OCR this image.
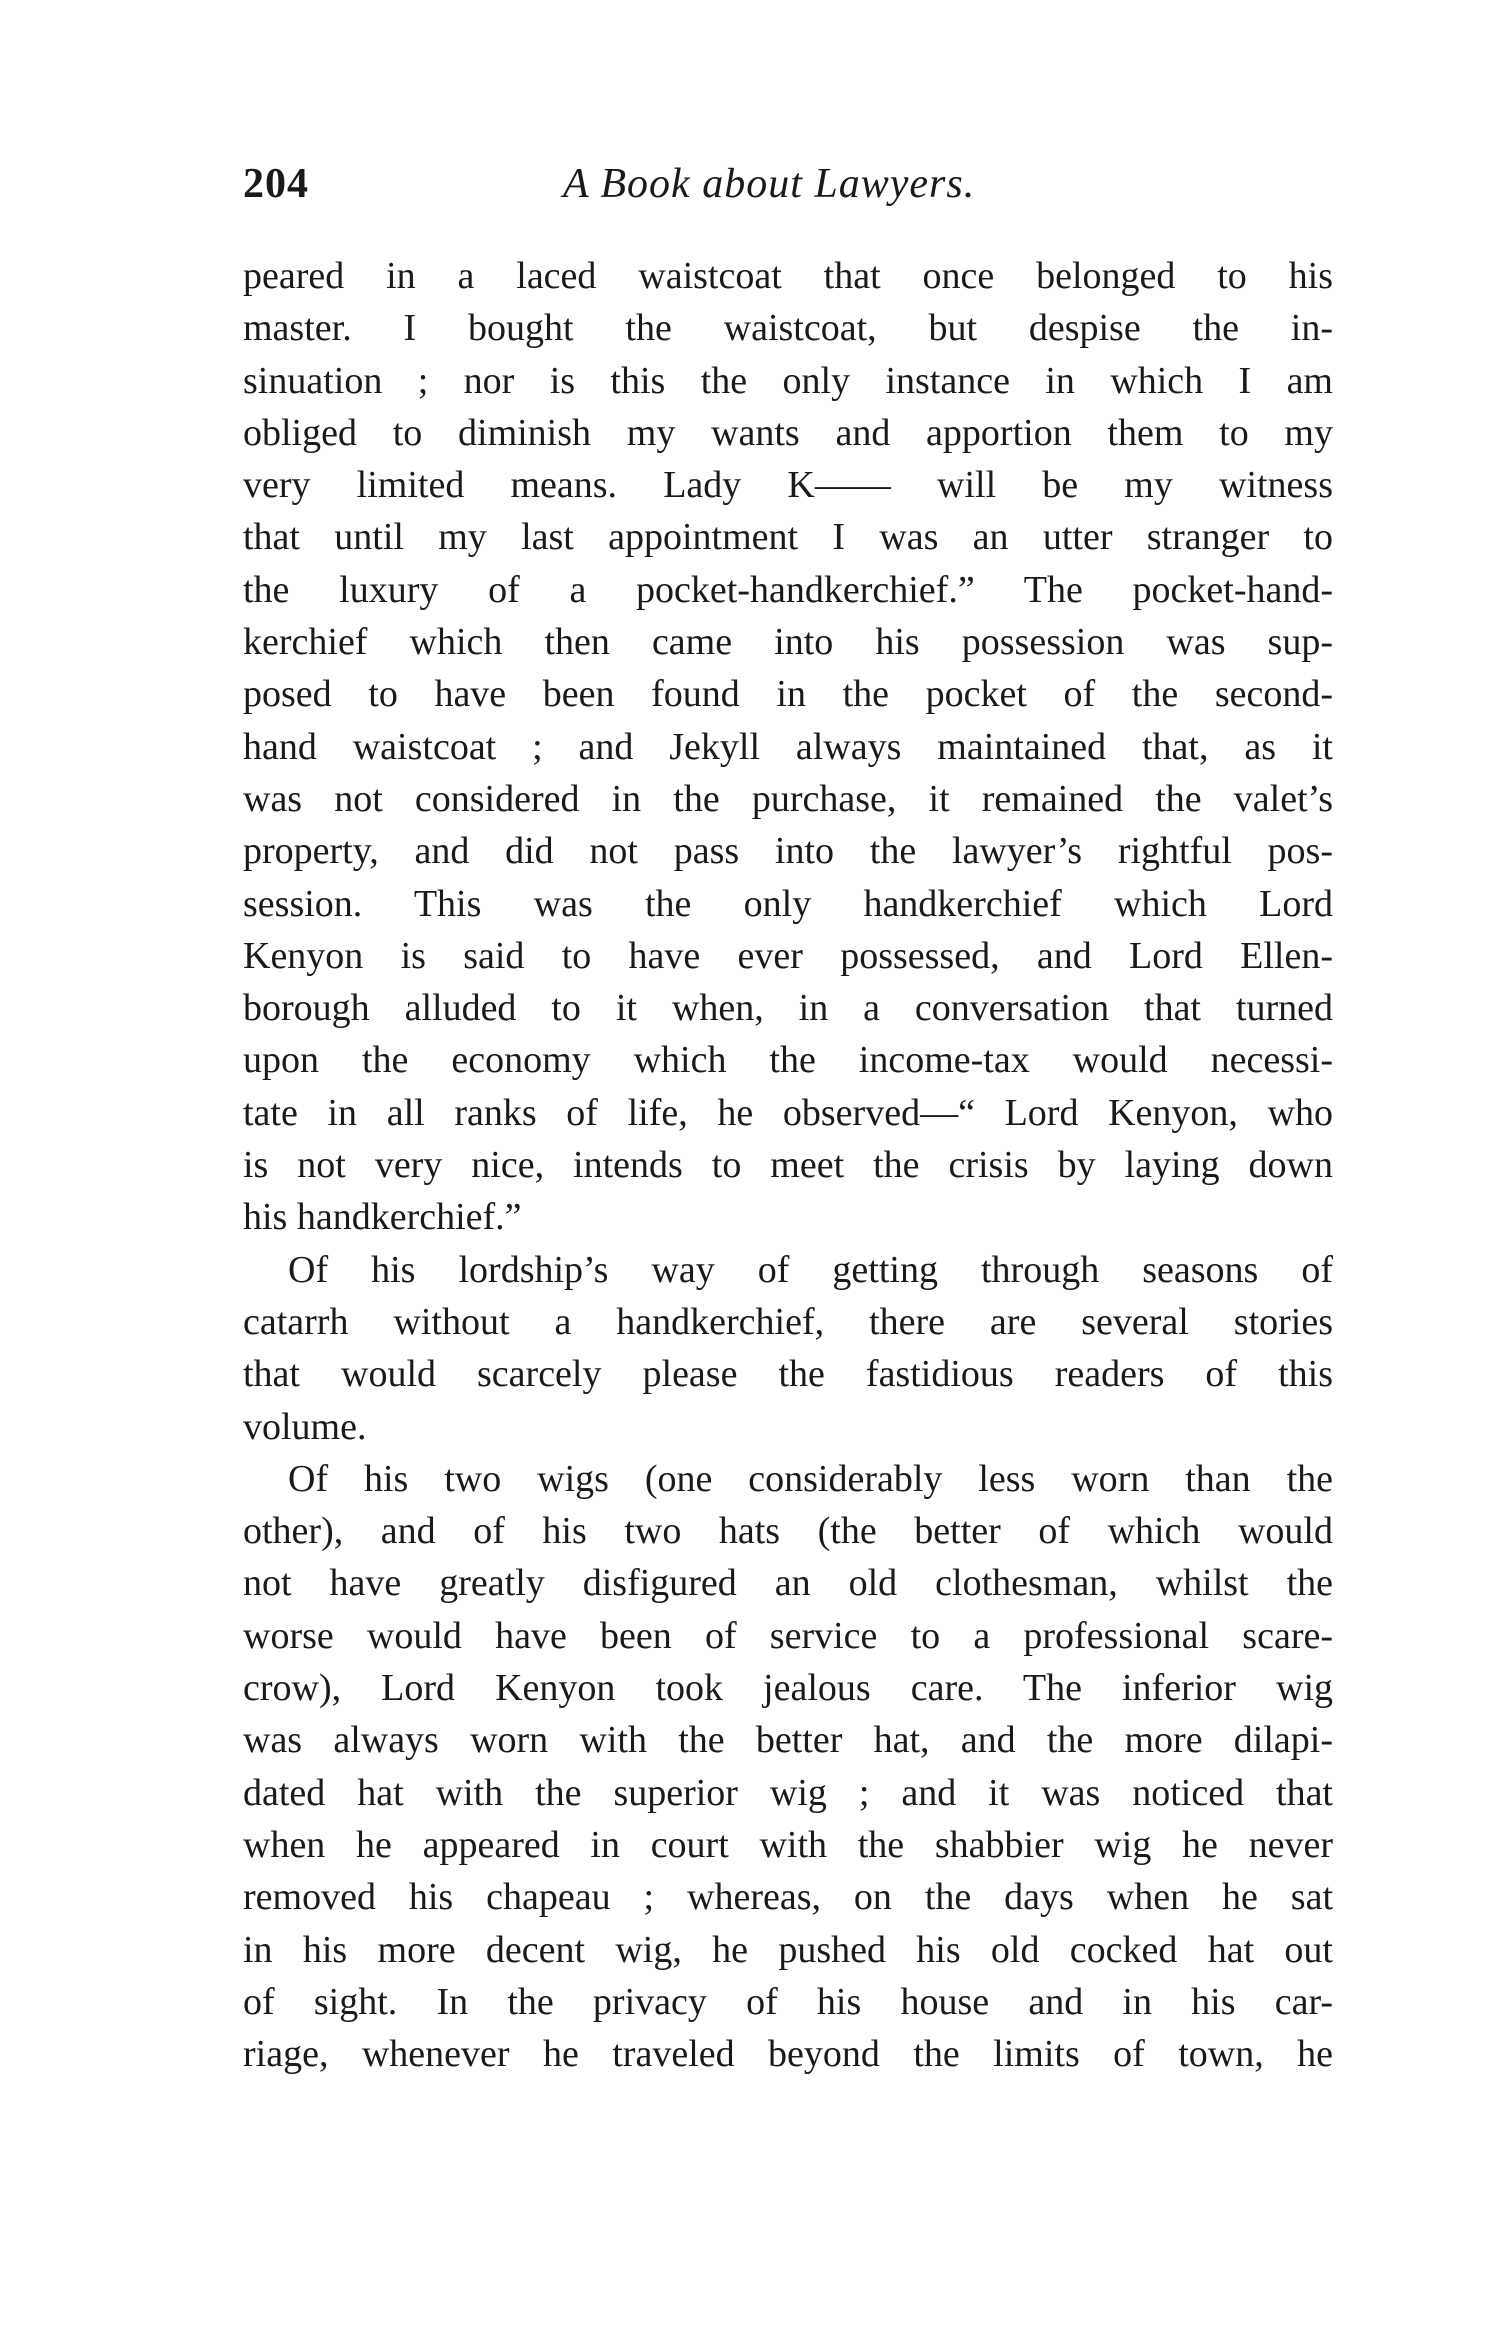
204	A Book about Lawyers.
peared in a laced waistcoat that once belonged to his
master. I bought the waistcoat, but despise the in-
sinuation ; nor is this the only instance in which I am
obliged to diminish my wants and apportion them to my
very limited means. Lady K—— will be my witness
that until my last appointment I was an utter stranger to
the luxury of a pocket-handkerchief.” The pocket-hand-
kerchief which then came into his possession was sup-
posed to have been found in the pocket of the second-
hand waistcoat ; and Jekyll always maintained that, as it
was not considered in the purchase, it remained the valet’s
property, and did not pass into the lawyer’s rightful pos-
session. This was the only handkerchief which Lord
Kenyon is said to have ever possessed, and Lord Ellen-
borough alluded to it when, in a conversation that turned
upon the economy which the income-tax would necessi-
tate in all ranks of life, he observed—“ Lord Kenyon, who
is not very nice, intends to meet the crisis by laying down
his handkerchief.”
Of his lordship’s way of getting through seasons of
catarrh without a handkerchief, there are several stories
that would scarcely please the fastidious readers of this
volume.
Of his two wigs (one considerably less worn than the
other), and of his two hats (the better of which would
not have greatly disfigured an old clothesman, whilst the
worse would have been of service to a professional scare-
crow), Lord Kenyon took jealous care. The inferior wig
was always worn with the better hat, and the more dilapi-
dated hat with the superior wig ; and it was noticed that
when he appeared in court with the shabbier wig he never
removed his chapeau ; whereas, on the days when he sat
in his more decent wig, he pushed his old cocked hat out
of sight. In the privacy of his house and in his car-
riage, whenever he traveled beyond the limits of town, he
